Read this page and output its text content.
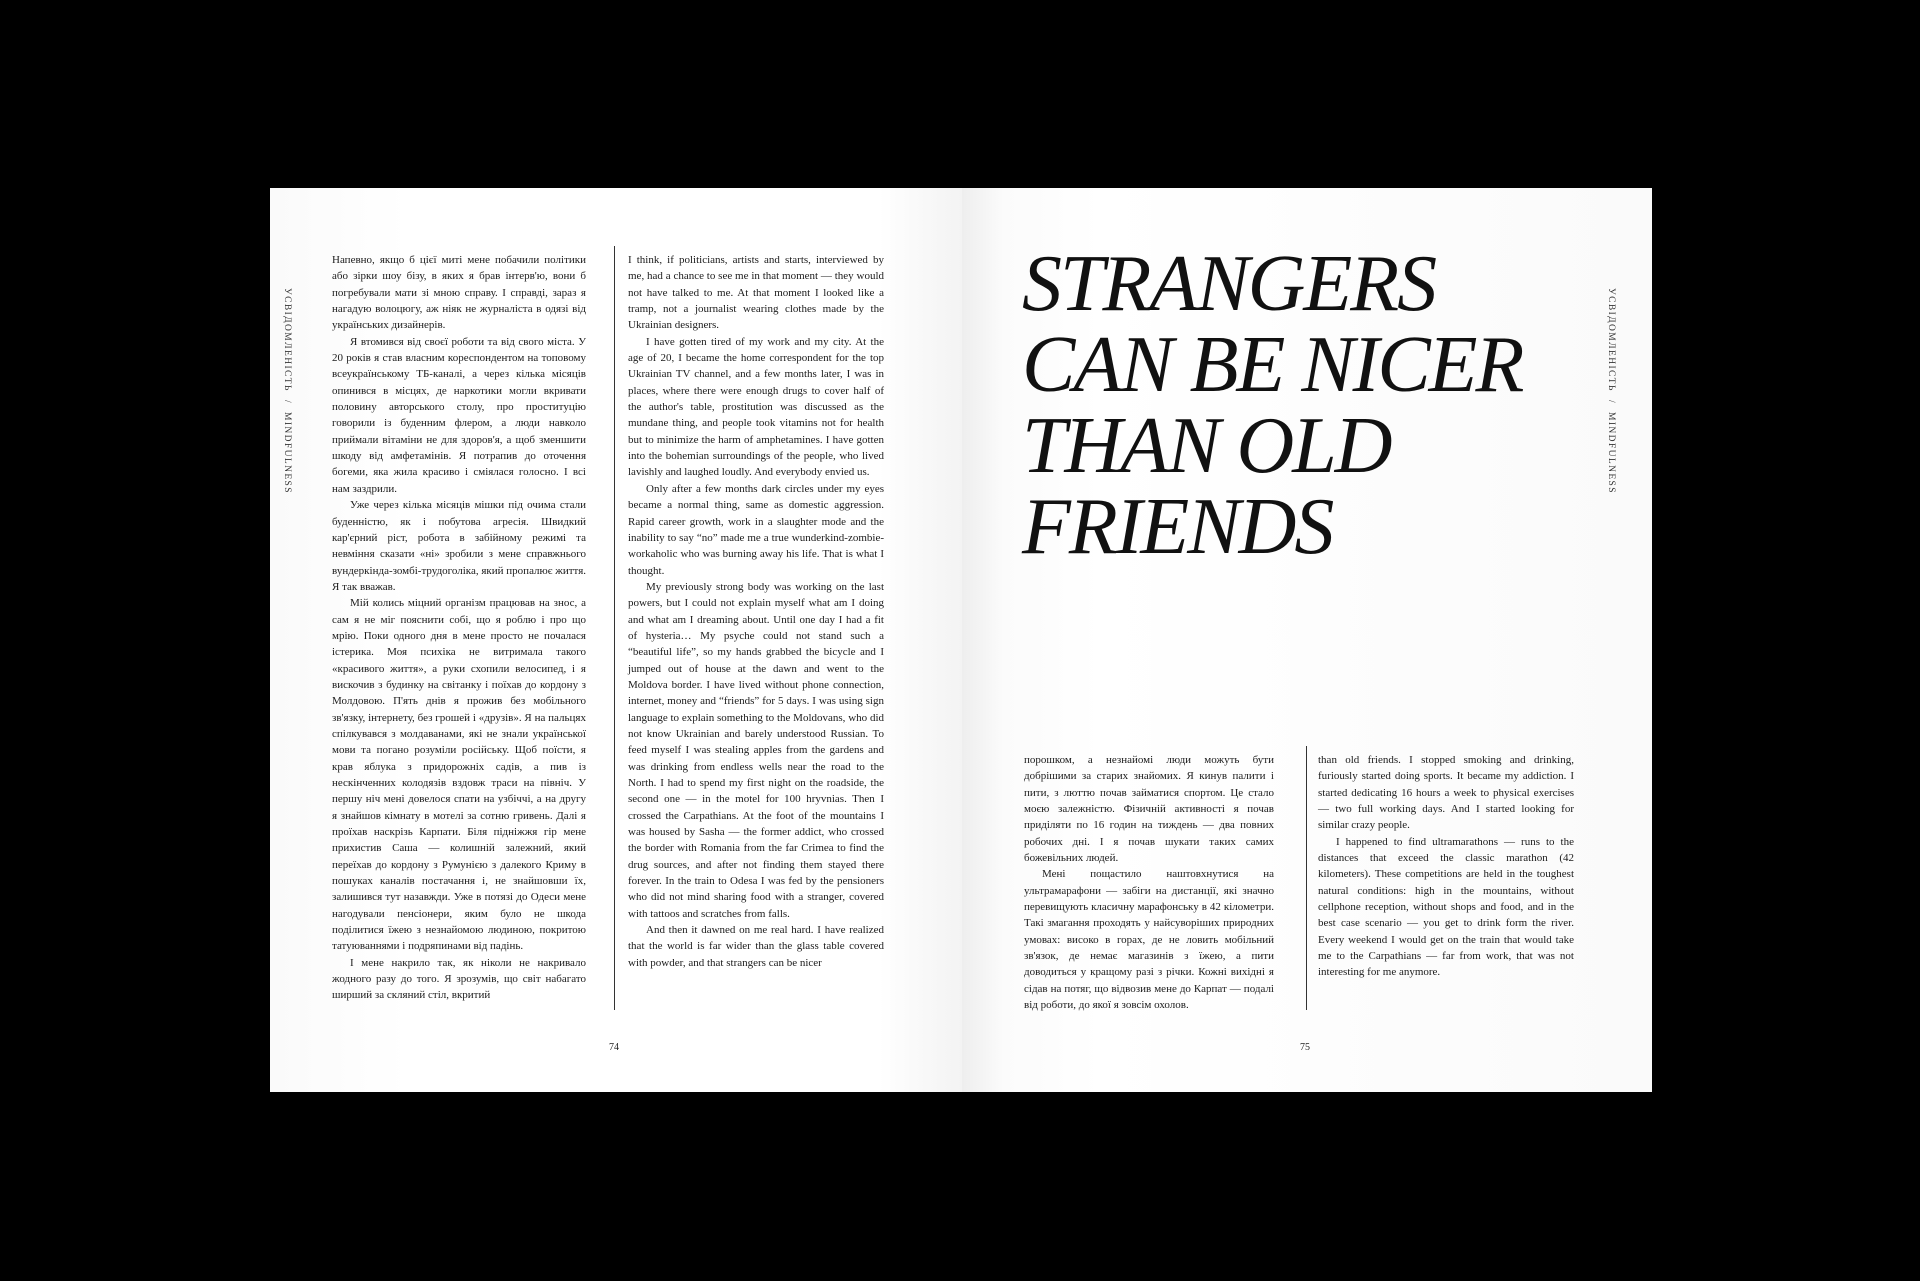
УСВІДОМЛЕНІСТЬ
/
MINDFULNESS

Напевно, якщо б цієї миті мене побачили політики або зірки шоу бізу, в яких я брав інтерв'ю, вони б погребували мати зі мною справу. І справді, зараз я нагадую волоцюгу, аж ніяк не журналіста в одязі від українських дизайнерів.

Я втомився від своєї роботи та від свого міста. У 20 років я став власним кореспондентом на топовому всеукраїнському ТБ-каналі, а через кілька місяців опинився в місцях, де наркотики могли вкривати половину авторського столу, про проституцію говорили із буденним флером, а люди навколо приймали вітаміни не для здоров'я, а щоб зменшити шкоду від амфетамінів. Я потрапив до оточення богеми, яка жила красиво і сміялася голосно. І всі нам заздрили.

Уже через кілька місяців мішки під очима стали буденністю, як і побутова агресія. Швидкий кар'єрний ріст, робота в забійному режимі та невміння сказати «ні» зробили з мене справжнього вундеркінда-зомбі-трудоголіка, який пропалює життя. Я так вважав.

Мій колись міцний організм працював на знос, а сам я не міг пояснити собі, що я роблю і про що мрію. Поки одного дня в мене просто не почалася істерика. Моя психіка не витримала такого «красивого життя», а руки схопили велосипед, і я вискочив з будинку на світанку і поїхав до кордону з Молдовою. П'ять днів я прожив без мобільного зв'язку, інтернету, без грошей і «друзів». Я на пальцях спілкувався з молдаванами, які не знали української мови та погано розуміли російську. Щоб поїсти, я крав яблука з придорожніх садів, а пив із нескінченних колодязів вздовж траси на північ. У першу ніч мені довелося спати на узбіччі, а на другу я знайшов кімнату в мотелі за сотню гривень. Далі я проїхав наскрізь Карпати. Біля підніжжя гір мене прихистив Саша — колишній залежний, який переїхав до кордону з Румунією з далекого Криму в пошуках каналів постачання і, не знайшовши їх, залишився тут назавжди. Уже в потязі до Одеси мене нагодували пенсіонери, яким було не шкода поділитися їжею з незнайомою людиною, покритою татуюваннями і подряпинами від падінь.

І мене накрило так, як ніколи не накривало жодного разу до того. Я зрозумів, що світ набагато ширший за скляний стіл, вкритий

I think, if politicians, artists and starts, interviewed by me, had a chance to see me in that moment — they would not have talked to me. At that moment I looked like a tramp, not a journalist wearing clothes made by the Ukrainian designers.

I have gotten tired of my work and my city. At the age of 20, I became the home correspondent for the top Ukrainian TV channel, and a few months later, I was in places, where there were enough drugs to cover half of the author's table, prostitution was discussed as the mundane thing, and people took vitamins not for health but to minimize the harm of amphetamines. I have gotten into the bohemian surroundings of the people, who lived lavishly and laughed loudly. And everybody envied us.

Only after a few months dark circles under my eyes became a normal thing, same as domestic aggression. Rapid career growth, work in a slaughter mode and the inability to say “no” made me a true wunderkind-zombie-workaholic who was burning away his life. That is what I thought.

My previously strong body was working on the last powers, but I could not explain myself what am I doing and what am I dreaming about. Until one day I had a fit of hysteria… My psyche could not stand such a “beautiful life”, so my hands grabbed the bicycle and I jumped out of house at the dawn and went to the Moldova border. I have lived without phone connection, internet, money and “friends” for 5 days. I was using sign language to explain something to the Moldovans, who did not know Ukrainian and barely understood Russian. To feed myself I was stealing apples from the gardens and was drinking from endless wells near the road to the North. I had to spend my first night on the roadside, the second one — in the motel for 100 hryvnias. Then I crossed the Carpathians. At the foot of the mountains I was housed by Sasha — the former addict, who crossed the border with Romania from the far Crimea to find the drug sources, and after not finding them stayed there forever. In the train to Odesa I was fed by the pensioners who did not mind sharing food with a stranger, covered with tattoos and scratches from falls.

And then it dawned on me real hard. I have realized that the world is far wider than the glass table covered with powder, and that strangers can be nicer

74
STRANGERS
CAN BE NICER
THAN OLD
FRIENDS
УСВІДОМЛЕНІСТЬ
/
MINDFULNESS

порошком, а незнайомі люди можуть бути добрішими за старих знайомих. Я кинув палити і пити, з люттю почав займатися спортом. Це стало моєю залежністю. Фізичній активності я почав приділяти по 16 годин на тиждень — два повних робочих дні. І я почав шукати таких самих божевільних людей.

Мені пощастило наштовхнутися на ультрамарафони — забіги на дистанції, які значно перевищують класичну марафонську в 42 кілометри. Такі змагання проходять у найсуворіших природних умовах: високо в горах, де не ловить мобільний зв'язок, де немає магазинів з їжею, а пити доводиться у кращому разі з річки. Кожні вихідні я сідав на потяг, що відвозив мене до Карпат — подалі від роботи, до якої я зовсім охолов.

than old friends. I stopped smoking and drinking, furiously started doing sports. It became my addiction. I started dedicating 16 hours a week to physical exercises — two full working days. And I started looking for similar crazy people.

I happened to find ultramarathons — runs to the distances that exceed the classic marathon (42 kilometers). These competitions are held in the toughest natural conditions: high in the mountains, without cellphone reception, without shops and food, and in the best case scenario — you get to drink form the river. Every weekend I would get on the train that would take me to the Carpathians — far from work, that was not interesting for me anymore.

75
